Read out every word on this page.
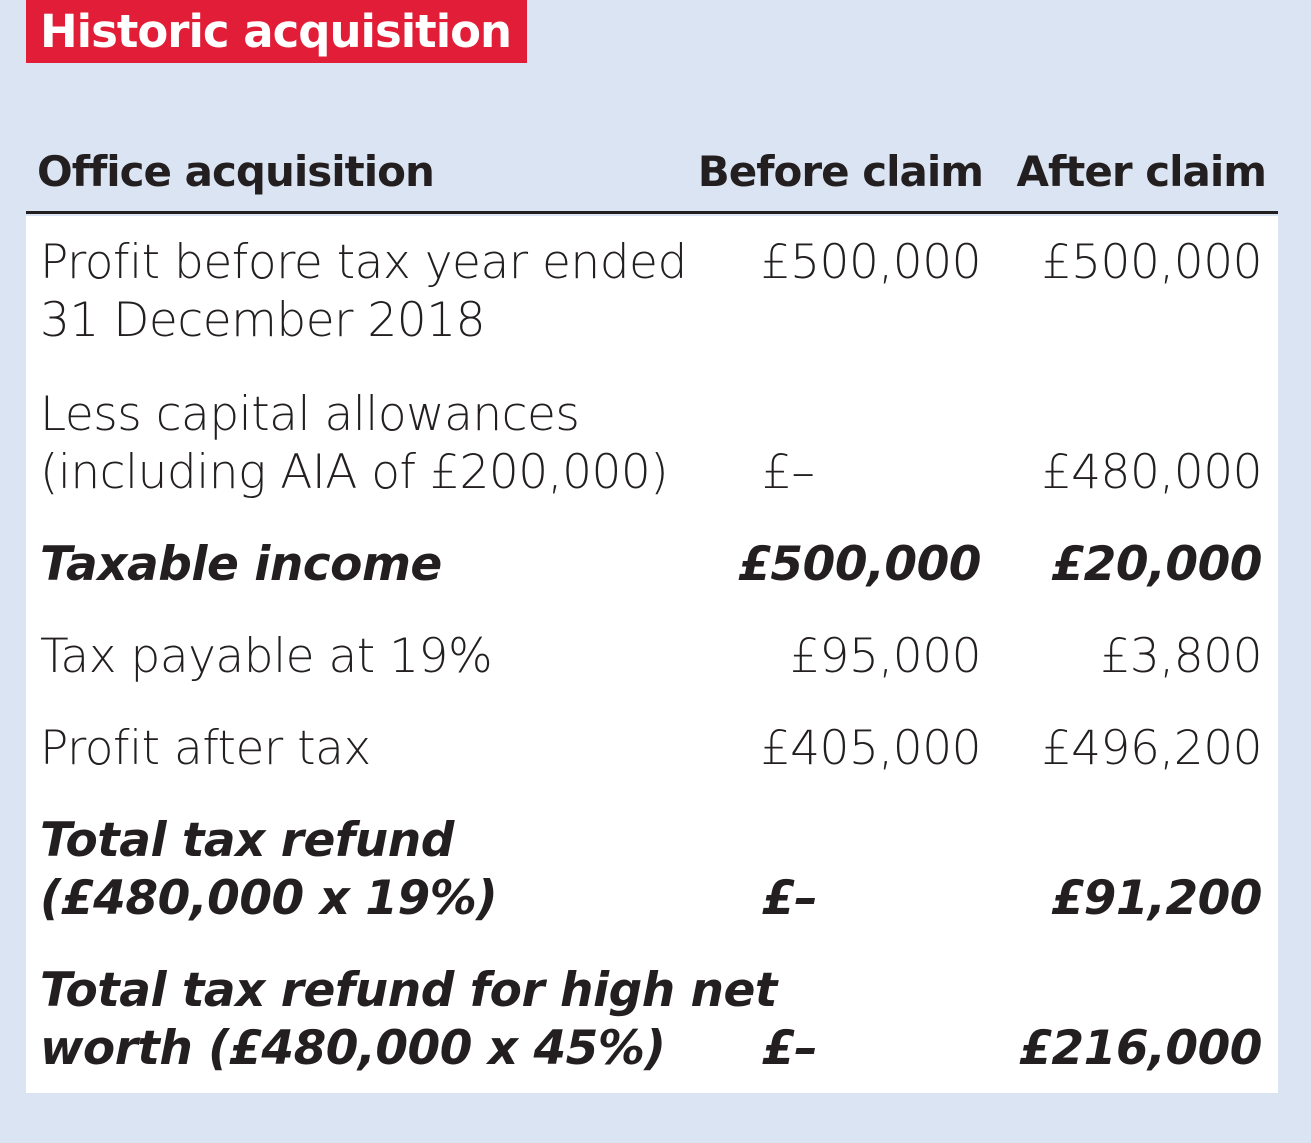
Historic acquisition
Office acquisition	Before claim After claim
Profit before tax year ended
31 December 2018
£500,000 £500,000
Less capital allowances
(including AIA of £200,000) £–	£480,000
Taxable income	£500,000 £20,000
Tax payable at 19%	£95,000	£3,800
Profit after tax	£405,000 £496,200
Total tax refund
(£480,000 x 19%)	£–	£91,200
Total tax refund for high net
worth (£480,000 x 45%)	£–	£216,000
